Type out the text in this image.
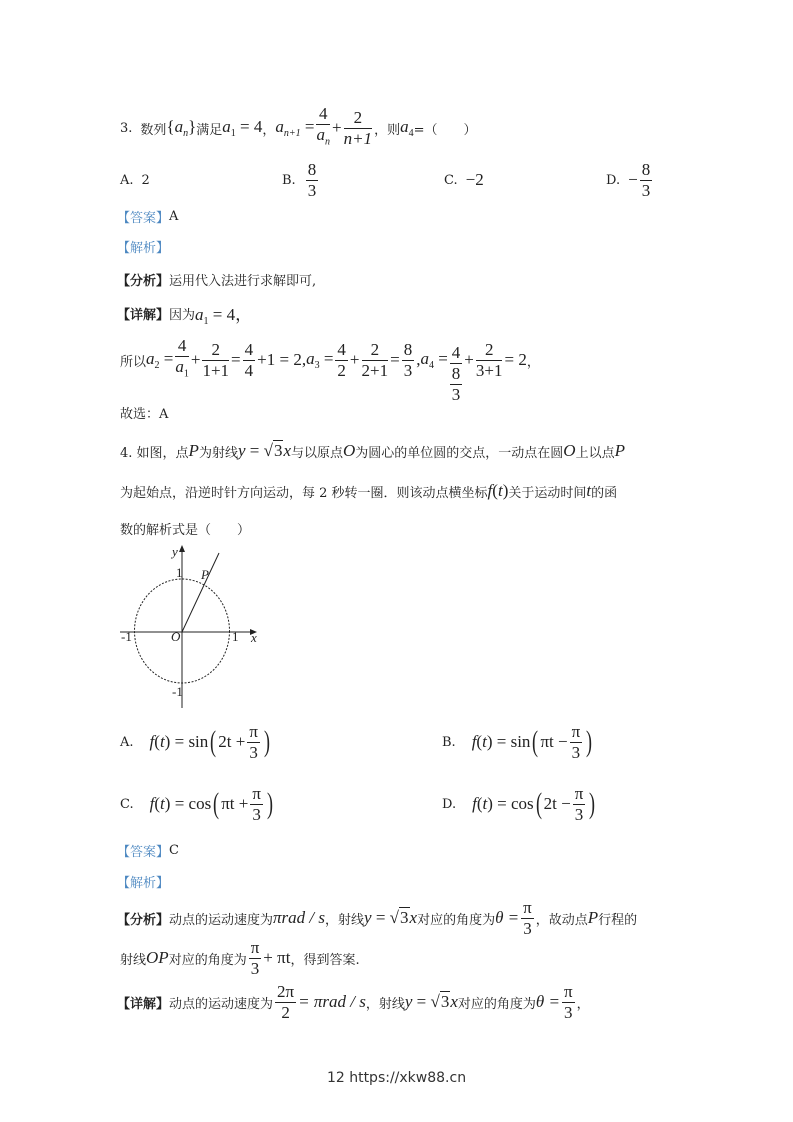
3. 数列 $\{a_n\}$ 满足 $a_1 = 4$ ， $a_{n+1} = \frac{4}{a_n} + \frac{2}{n+1}$ ，则 $a_4$ =（　　）
A. 2	B. $\frac{8}{3}$	C. −2	D. − $\frac{8}{3}$
【答案】 A
【解析】
【分析】 运用代入法进行求解即可,
【详解】 因为 $a_1 = 4$，
所以 $a_2 = \frac{4}{a_1} + \frac{2}{1+1} = \frac{4}{4} +1 = 2$, $a_3 = \frac{4}{2} + \frac{2}{2+1} = \frac{8}{3}$ , $a_4 = \frac{4}{\frac{8}{3}} + \frac{2}{3+1} = 2$ ，
故选：A
4. 如图，点 P 为射线 y = √3x 与以原点 O 为圆心的单位圆的交点，一动点在圆 O 上以点 P
为起始点，沿逆时针方向运动，每 2 秒转一圈．则该动点横坐标 f(t) 关于运动时间 t 的函
数的解析式是（　　）
y
1 P
-1	O	1 x
-1
A. f(t) = sin ( $2t + \frac{\pi}{3}$ )	B. f(t) = sin ( $\pi t - \frac{\pi}{3}$ )
C. f(t) = cos ( $\pi t + \frac{\pi}{3}$ )	D. f(t) = cos ( $2t - \frac{\pi}{3}$ )
【答案】 C
【解析】
【分析】 动点的运动速度为 πrad / s ，射线 y = √3x 对应的角度为 $\theta = \frac{\pi}{3}$ ，故动点 P 行程的
射线 OP 对应的角度为 $\frac{\pi}{3} + \pi t$ ，得到答案.
【详解】 动点的运动速度为 $\frac{2\pi}{2} = \pi rad / s$ ，射线 y = √3x 对应的角度为 $\theta = \frac{\pi}{3}$ ，
12 https://xkw88.cn
